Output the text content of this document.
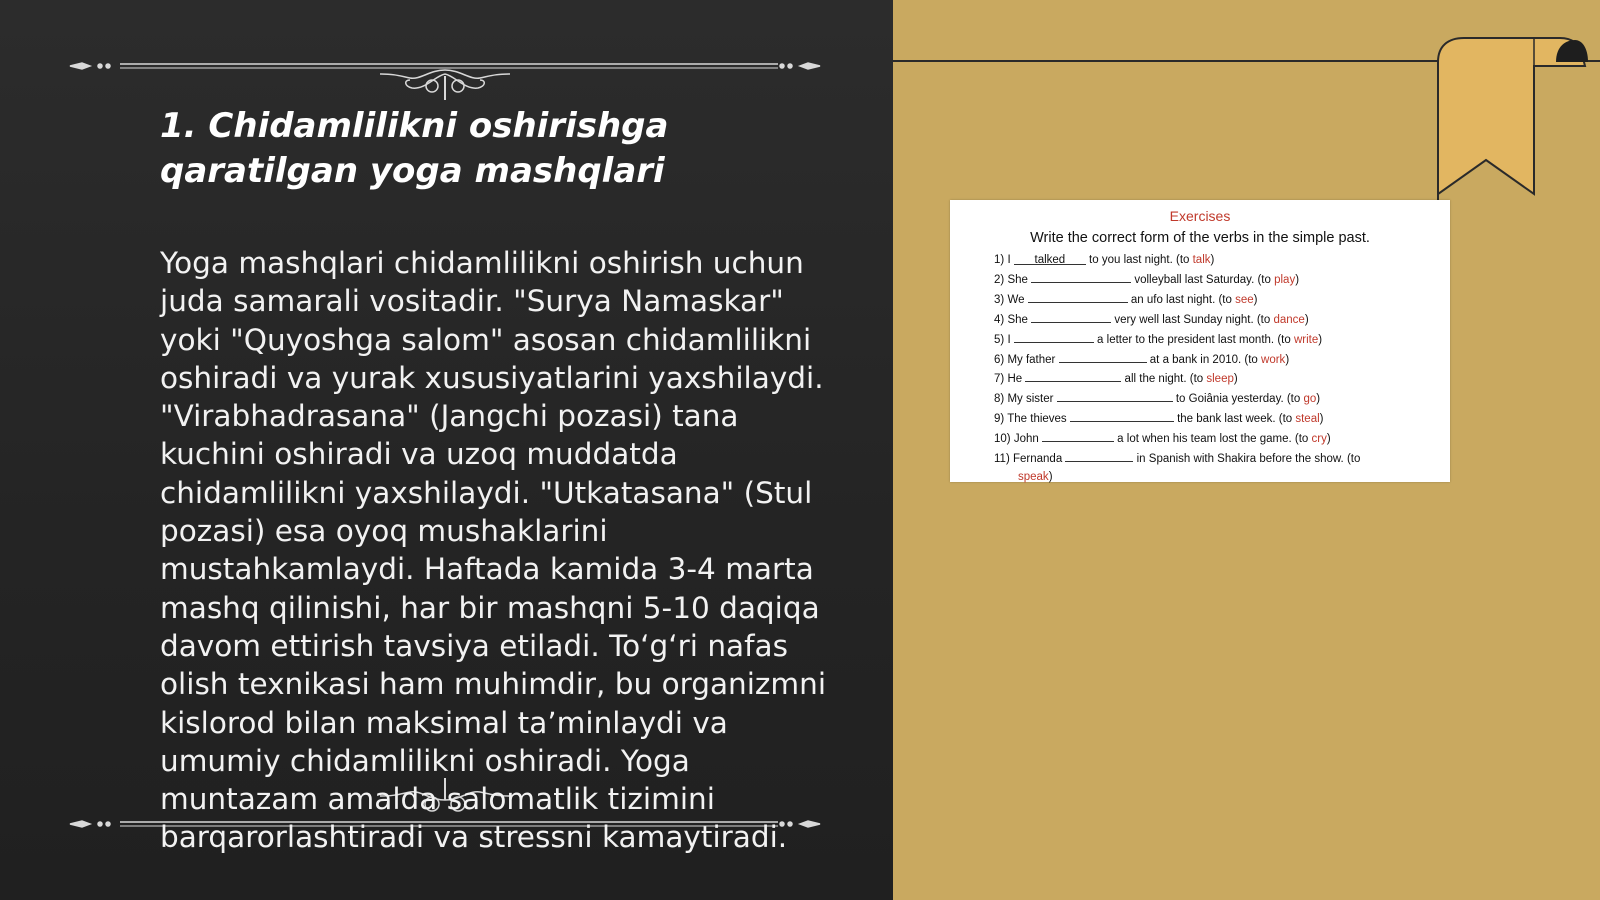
1. Chidamlilikni oshirishga qaratilgan yoga mashqlari

Yoga mashqlari chidamlilikni oshirish uchun juda samarali vositadir. "Surya Namaskar" yoki "Quyoshga salom" asosan chidamlilikni oshiradi va yurak xususiyatlarini yaxshilaydi. "Virabhadrasana" (Jangchi pozasi) tana kuchini oshiradi va uzoq muddatda chidamlilikni yaxshilaydi. "Utkatasana" (Stul pozasi) esa oyoq mushaklarini mustahkamlaydi. Haftada kamida 3-4 marta mashq qilinishi, har bir mashqni 5-10 daqiqa davom ettirish tavsiya etiladi. To‘g‘ri nafas olish texnikasi ham muhimdir, bu organizmni kislorod bilan maksimal ta’minlaydi va umumiy chidamlilikni oshiradi. Yoga muntazam amalda salomatlik tizimini barqarorlashtiradi va stressni kamaytiradi.

Exercises
Write the correct form of the verbs in the simple past.
1) I talked to you last night. (to talk)
2) She	volleyball last Saturday. (to play)
3) We	an ufo last night. (to see)
4) She	very well last Sunday night. (to dance)
5) I	a letter to the president last month. (to write)
6) My father	at a bank in 2010. (to work)
7) He	all the night. (to sleep)
8) My sister	to Goiânia yesterday. (to go)
9) The thieves	the bank last week. (to steal)
10) John	a lot when his team lost the game. (to cry)
11) Fernanda	in Spanish with Shakira before the show. (to speak)
